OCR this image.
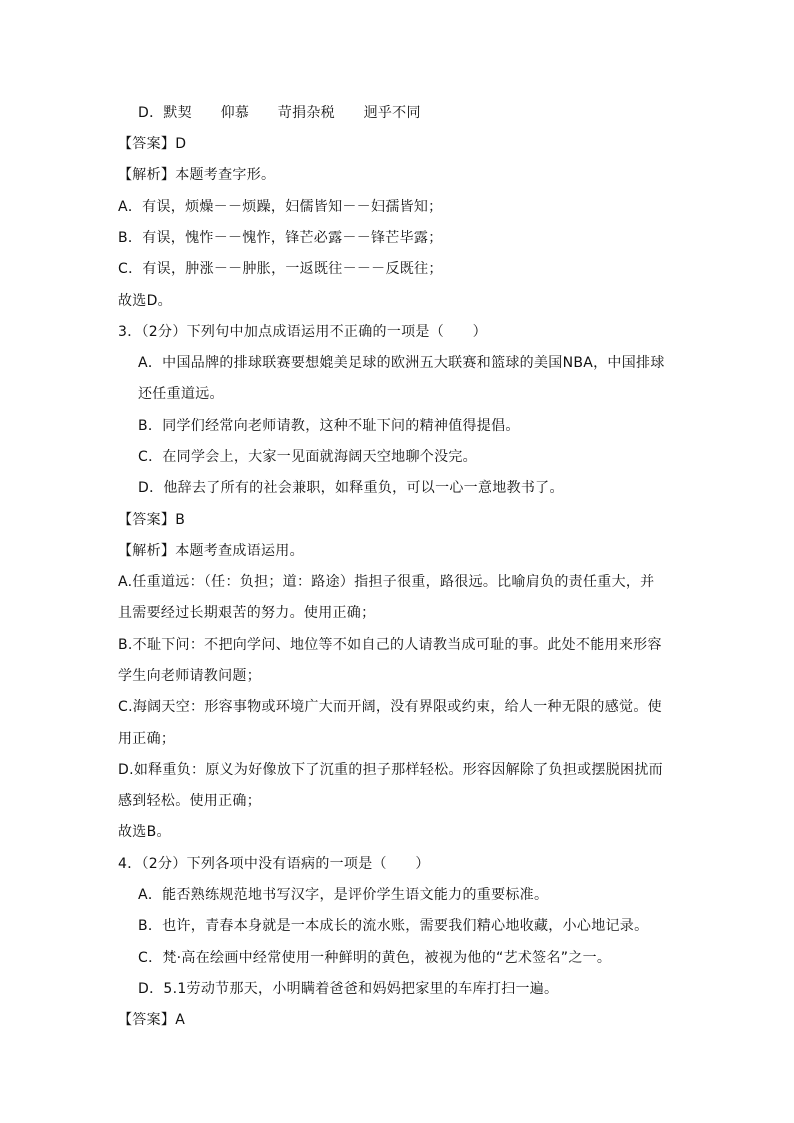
D．默契　　仰慕　　苛捐杂税　　迥乎不同
【答案】D
【解析】本题考查字形。
A．有误，烦燥－－烦躁，妇儒皆知－－妇孺皆知；
B．有误，愧怍－－愧怍，锋芒必露－－锋芒毕露；
C．有误，肿涨－－肿胀，一返既往－－－反既往；
故选D。
3．（2分）下列句中加点成语运用不正确的一项是（　　）
A．中国品牌的排球联赛要想媲美足球的欧洲五大联赛和篮球的美国NBA，中国排球
还任重道远。
B．同学们经常向老师请教，这种不耻下问的精神值得提倡。
C．在同学会上，大家一见面就海阔天空地聊个没完。
D．他辞去了所有的社会兼职，如释重负，可以一心一意地教书了。
【答案】B
【解析】本题考查成语运用。
A.任重道远：（任：负担；道：路途）指担子很重，路很远。比喻肩负的责任重大，并
且需要经过长期艰苦的努力。使用正确；
B.不耻下问：不把向学问、地位等不如自己的人请教当成可耻的事。此处不能用来形容
学生向老师请教问题；
C.海阔天空：形容事物或环境广大而开阔，没有界限或约束，给人一种无限的感觉。使
用正确；
D.如释重负：原义为好像放下了沉重的担子那样轻松。形容因解除了负担或摆脱困扰而
感到轻松。使用正确；
故选B。
4．（2分）下列各项中没有语病的一项是（　　）
A．能否熟练规范地书写汉字，是评价学生语文能力的重要标准。
B．也许，青春本身就是一本成长的流水账，需要我们精心地收藏，小心地记录。
C．梵·高在绘画中经常使用一种鲜明的黄色，被视为他的“艺术签名”之一。
D．5.1劳动节那天，小明瞒着爸爸和妈妈把家里的车库打扫一遍。
【答案】A
